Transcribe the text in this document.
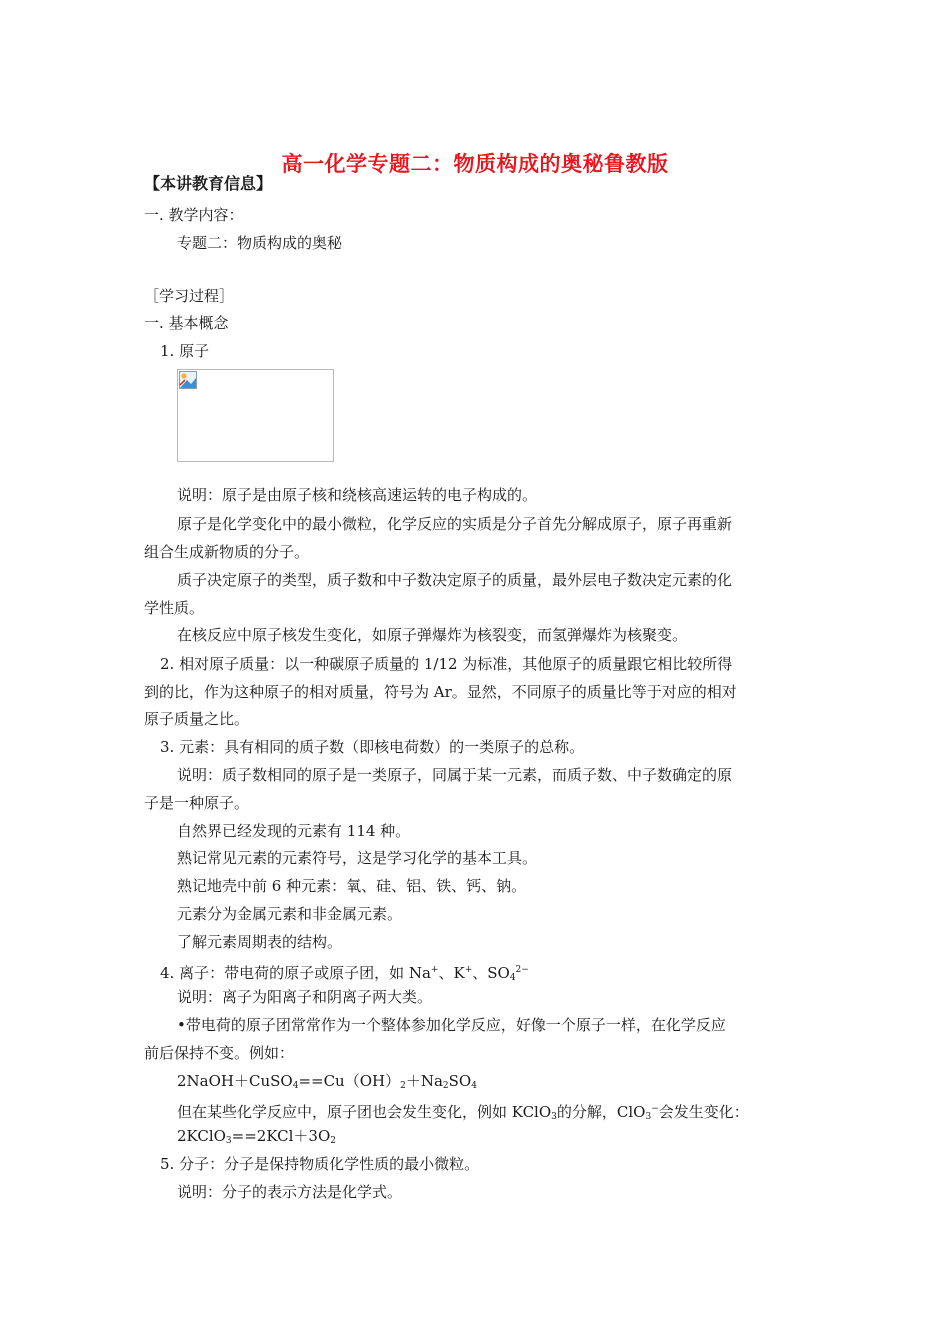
高一化学专题二：物质构成的奥秘鲁教版
【本讲教育信息】
一. 教学内容：
专题二：物质构成的奥秘
［学习过程］
一. 基本概念
1. 原子
说明：原子是由原子核和绕核高速运转的电子构成的。
原子是化学变化中的最小微粒，化学反应的实质是分子首先分解成原子，原子再重新
组合生成新物质的分子。
质子决定原子的类型，质子数和中子数决定原子的质量，最外层电子数决定元素的化
学性质。
在核反应中原子核发生变化，如原子弹爆炸为核裂变，而氢弹爆炸为核聚变。
2. 相对原子质量：以一种碳原子质量的 1/12 为标准，其他原子的质量跟它相比较所得
到的比，作为这种原子的相对质量，符号为 Ar。显然，不同原子的质量比等于对应的相对
原子质量之比。
3. 元素：具有相同的质子数（即核电荷数）的一类原子的总称。
说明：质子数相同的原子是一类原子，同属于某一元素，而质子数、中子数确定的原
子是一种原子。
自然界已经发现的元素有 114 种。
熟记常见元素的元素符号，这是学习化学的基本工具。
熟记地壳中前 6 种元素：氧、硅、铝、铁、钙、钠。
元素分为金属元素和非金属元素。
了解元素周期表的结构。
4. 离子：带电荷的原子或原子团，如 Na+、K+、$SO_4^{2-}$
说明：离子为阳离子和阴离子两大类。
•带电荷的原子团常常作为一个整体参加化学反应，好像一个原子一样，在化学反应
前后保持不变。例如：
$2NaOH+CuSO_4==Cu(OH)_2+Na_2SO_4$
但在某些化学反应中，原子团也会发生变化，例如 KClO$_3$的分解，ClO$_3$−会发生变化：
$2KClO_3==2KCl+3O_2$
5. 分子：分子是保持物质化学性质的最小微粒。
说明：分子的表示方法是化学式。
